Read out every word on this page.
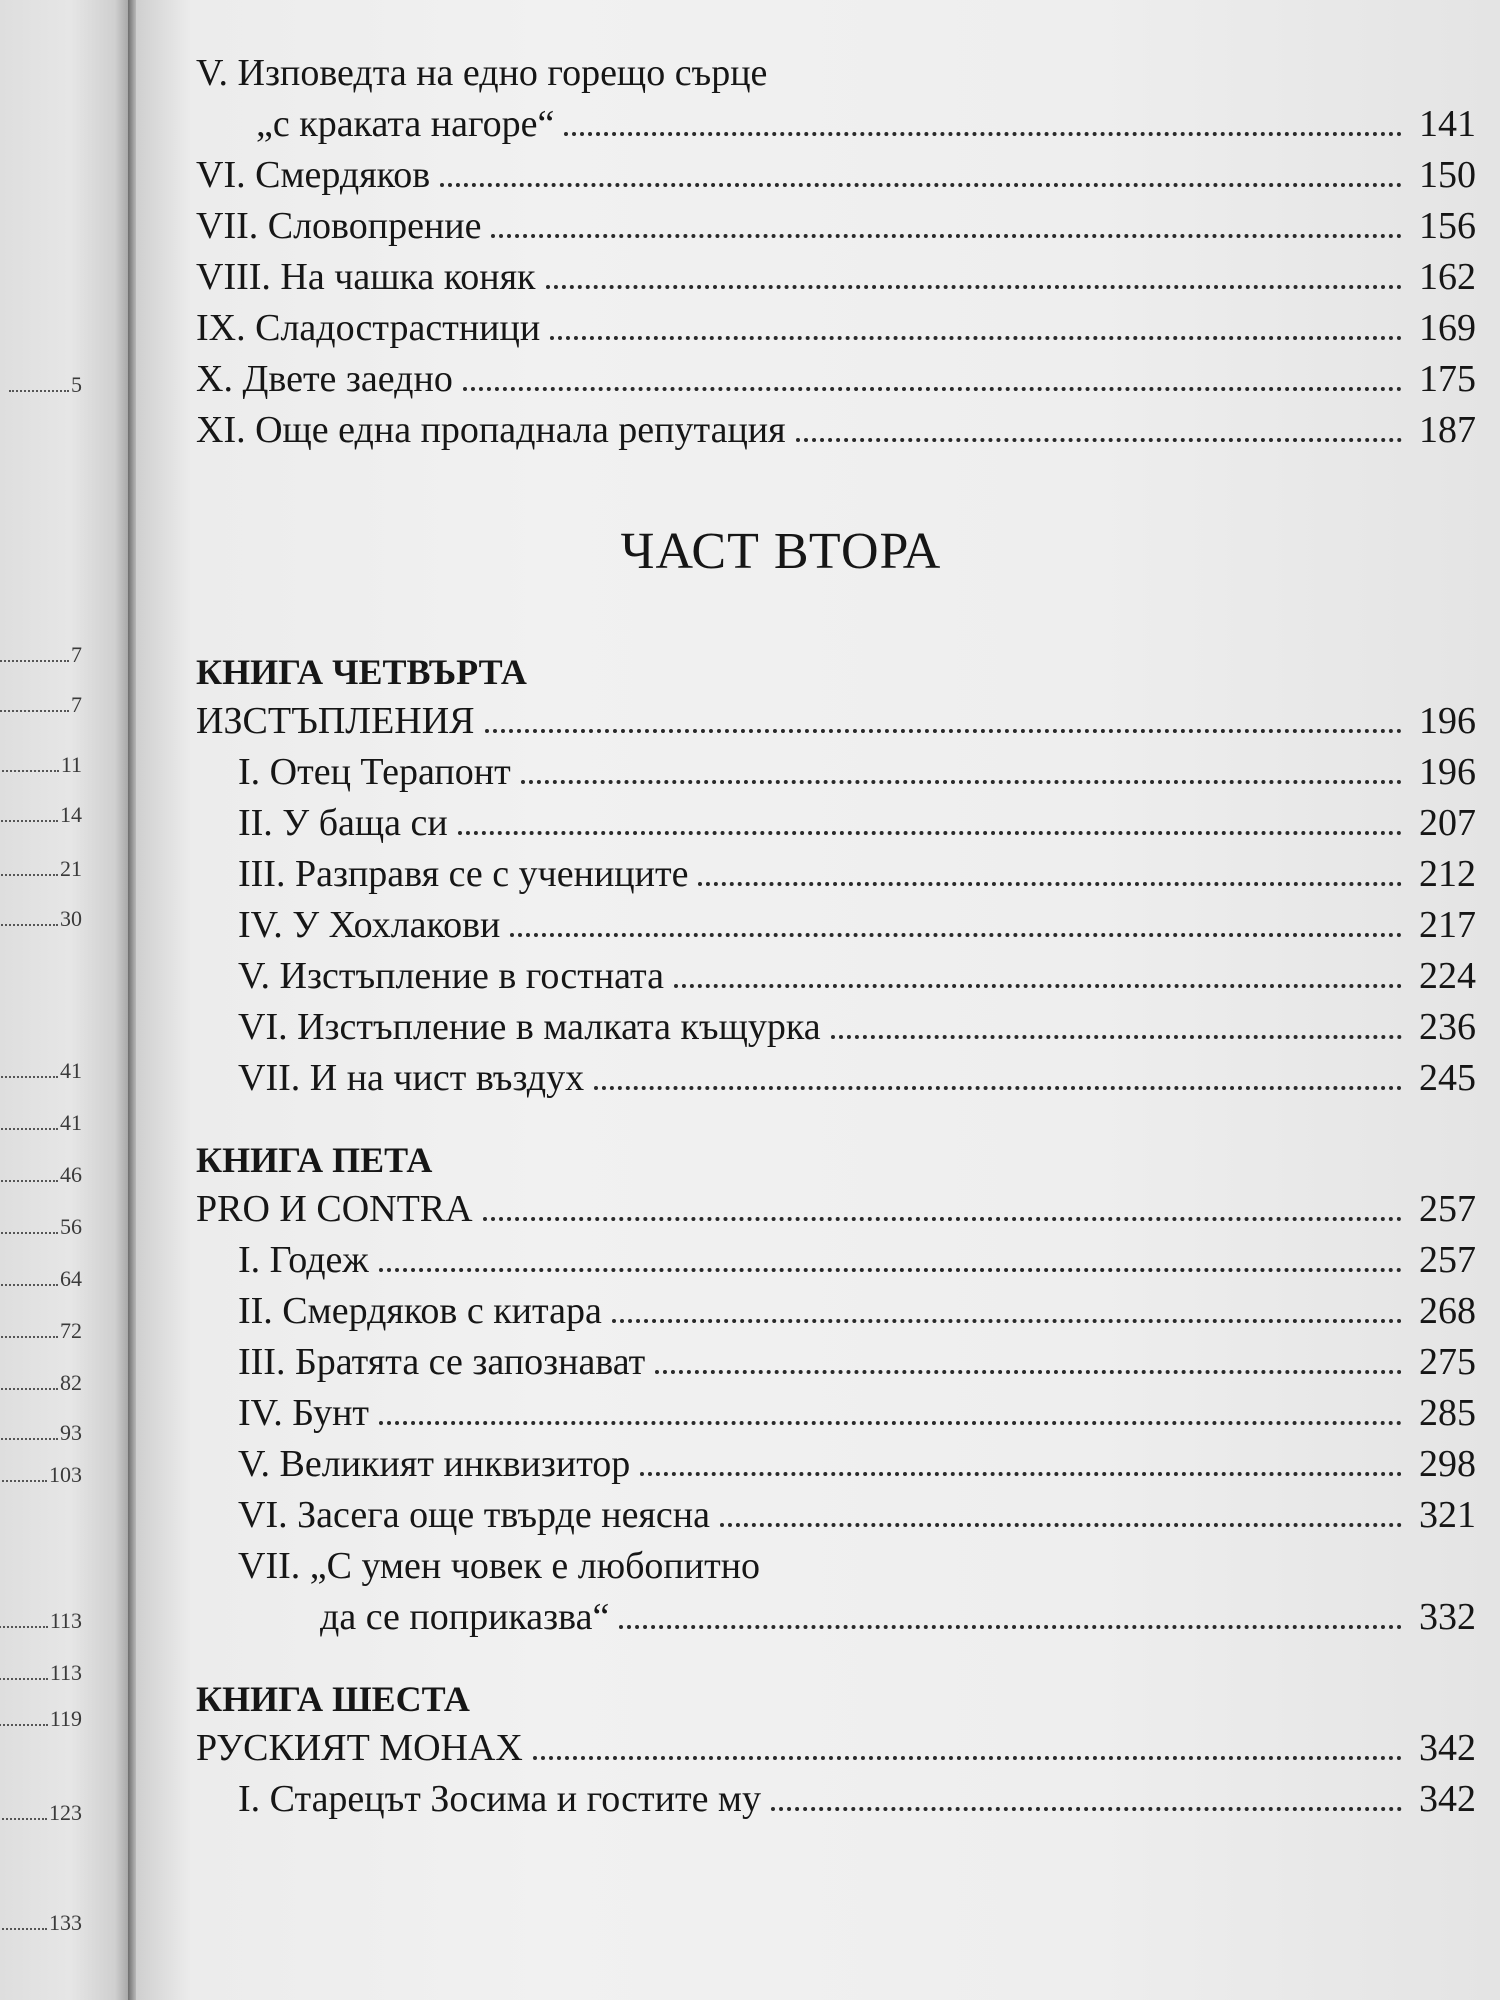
5
7
7
11
14
21
30
41
41
46
56
64
72
82
93
103
113
113
119
123
133
V. Изповедта на едно горещо сърце
„с краката нагоре“	141
VI. Смердяков	150
VII. Словопрение	156
VIII. На чашка коняк	162
IX. Сладострастници	169
X. Двете заедно	175
XI. Още една пропаднала репутация	187
ЧАСТ ВТОРА
КНИГА ЧЕТВЪРТА
ИЗСТЪПЛЕНИЯ	196
I. Отец Терапонт	196
II. У баща си	207
III. Разправя се с учениците	212
IV. У Хохлакови	217
V. Изстъпление в гостната	224
VI. Изстъпление в малката къщурка	236
VII. И на чист въздух	245
КНИГА ПЕТА
PRO И CONTRA	257
I. Годеж	257
II. Смердяков с китара	268
III. Братята се запознават	275
IV. Бунт	285
V. Великият инквизитор	298
VI. Засега още твърде неясна	321
VII. „С умен човек е любопитно
да се поприказва“	332
КНИГА ШЕСТА
РУСКИЯТ МОНАХ	342
I. Старецът Зосима и гостите му	342
